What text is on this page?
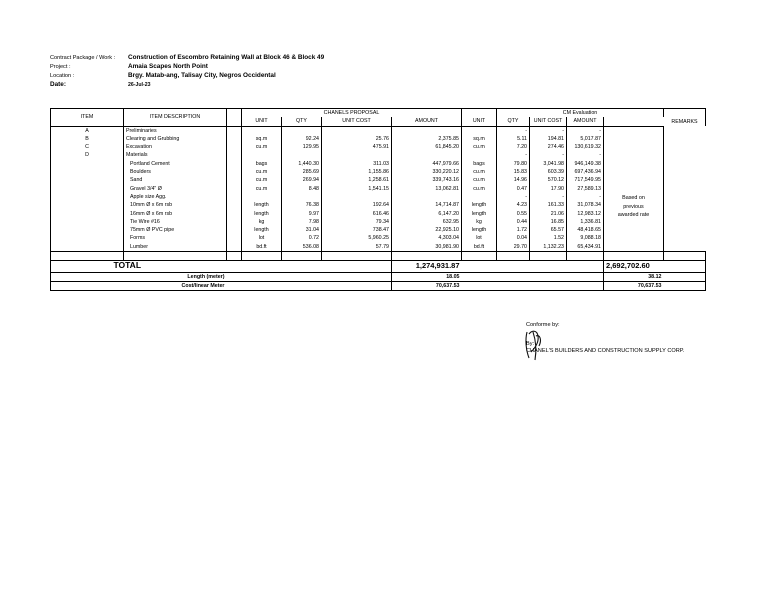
Contract Package / Work : Construction of Escombro Retaining Wall at Block 46 & Block 49
Project :	Amaia Scapes North Point
Location :	Brgy. Matab-ang, Talisay City, Negros Occidental
Date:	26-Jul-23
ITEM	ITEM DESCRIPTION		CHANELS PROPOSAL				UNIT	CM Evaluation				REMARKS
			UNIT	QTY	UNIT COST	AMOUNT		QTY	UNIT COST	AMOUNT		
A	Preliminaries							-	-	-	Based on
previous
awarded rate	

B	Clearing and Grubbing		sq.m	92.24	25.76	2,375.85	sq.m	5.11	194.81	5,017.87		
C	Excavation		cu.m	129.95	475.91	61,845.20	cu.m	7.20	274.46	130,619.32		
D	Materials							-	-	-		
	Portland Cement		bags	1,440.30	311.03	447,979.66	bags	79.80	3,041.98	946,149.38		
	Boulders		cu.m	285.69	1,155.86	330,220.12	cu.m	15.83	603.39	697,436.94		
	Sand		cu.m	269.94	1,258.61	339,743.16	cu.m	14.96	570.12	717,549.95		
	Gravel 3/4" Ø		cu.m	8.48	1,541.15	13,062.81	cu.m	0.47	17.90	27,589.13		
	Apple size Agg.							-	-	-		
	10mm Ø x 6m rsb		length	76.38	192.64	14,714.87	length	4.23	161.33	31,078.34		
	16mm Ø x 6m rsb		length	9.97	616.46	6,147.20	length	0.55	21.06	12,983.12		
	Tie Wire #16		kg	7.98	79.34	632.95	kg	0.44	16.85	1,336.81		
	75mm Ø PVC pipe		length	31.04	738.47	22,925.10	length	1.72	65.57	48,418.65		
	Forms		lot	0.72	5,960.25	4,303.04	lot	0.04	1.52	9,088.18		
	Lumber		bd.ft	536.08	57.79	30,981.90	bd.ft	29.70	1,132.23	65,434.91		

TOTAL						1,274,931.87					2,692,702.60	
Length (meter)						18.05					38.12	
Cost/linear Meter						70,637.53					70,637.53	
Conforme by:
By:
CHANEL'S BUILDERS AND CONSTRUCTION SUPPLY CORP.
